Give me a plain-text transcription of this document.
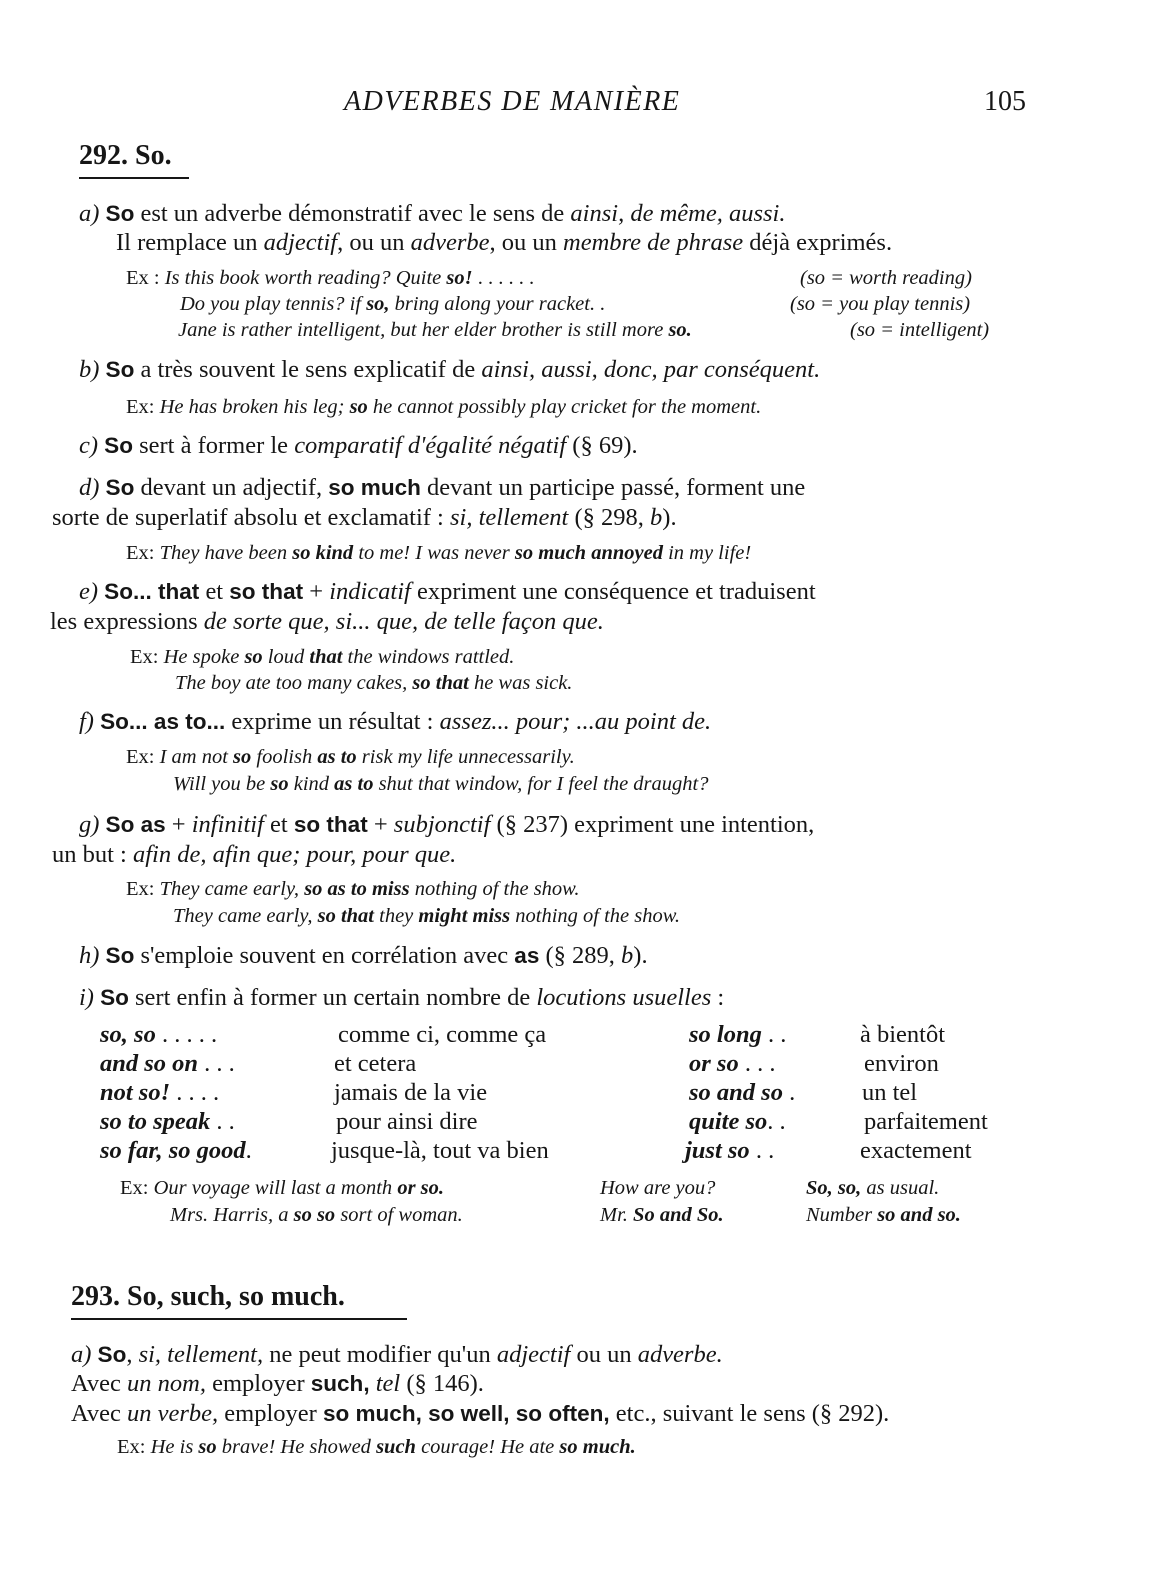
ADVERBES DE MANIÈRE	105
292. So.
a) So est un adverbe démonstratif avec le sens de ainsi, de même, aussi.
Il remplace un adjectif, ou un adverbe, ou un membre de phrase déjà exprimés.
Ex : Is this book worth reading? Quite so! . . . . . .	(so = worth reading)
Do you play tennis? if so, bring along your racket. .	(so = you play tennis)
Jane is rather intelligent, but her elder brother is still more so.	(so = intelligent)
b) So a très souvent le sens explicatif de ainsi, aussi, donc, par conséquent.
Ex: He has broken his leg; so he cannot possibly play cricket for the moment.
c) So sert à former le comparatif d'égalité négatif (§ 69).
d) So devant un adjectif, so much devant un participe passé, forment une
sorte de superlatif absolu et exclamatif : si, tellement (§ 298, b).
Ex: They have been so kind to me! I was never so much annoyed in my life!
e) So... that et so that + indicatif expriment une conséquence et traduisent
les expressions de sorte que, si... que, de telle façon que.
Ex: He spoke so loud that the windows rattled.
The boy ate too many cakes, so that he was sick.
f) So... as to... exprime un résultat : assez... pour; ...au point de.
Ex: I am not so foolish as to risk my life unnecessarily.
Will you be so kind as to shut that window, for I feel the draught?
g) So as + infinitif et so that + subjonctif (§ 237) expriment une intention,
un but : afin de, afin que; pour, pour que.
Ex: They came early, so as to miss nothing of the show.
They came early, so that they might miss nothing of the show.
h) So s'emploie souvent en corrélation avec as (§ 289, b).
i) So sert enfin à former un certain nombre de locutions usuelles :
so, so . . . . .	comme ci, comme ça
and so on . . .	et cetera
not so! . . . .	jamais de la vie
so to speak . .	pour ainsi dire
so far, so good.	jusque-là, tout va bien
so long . .	à bientôt
or so . . .	environ
so and so .	un tel
quite so. .	parfaitement
just so . .	exactement
Ex: Our voyage will last a month or so.	How are you?	So, so, as usual.
Mrs. Harris, a so so sort of woman.	Mr. So and So.	Number so and so.
293. So, such, so much.
a) So, si, tellement, ne peut modifier qu'un adjectif ou un adverbe.
Avec un nom, employer such, tel (§ 146).
Avec un verbe, employer so much, so well, so often, etc., suivant le sens (§ 292).
Ex: He is so brave! He showed such courage! He ate so much.
